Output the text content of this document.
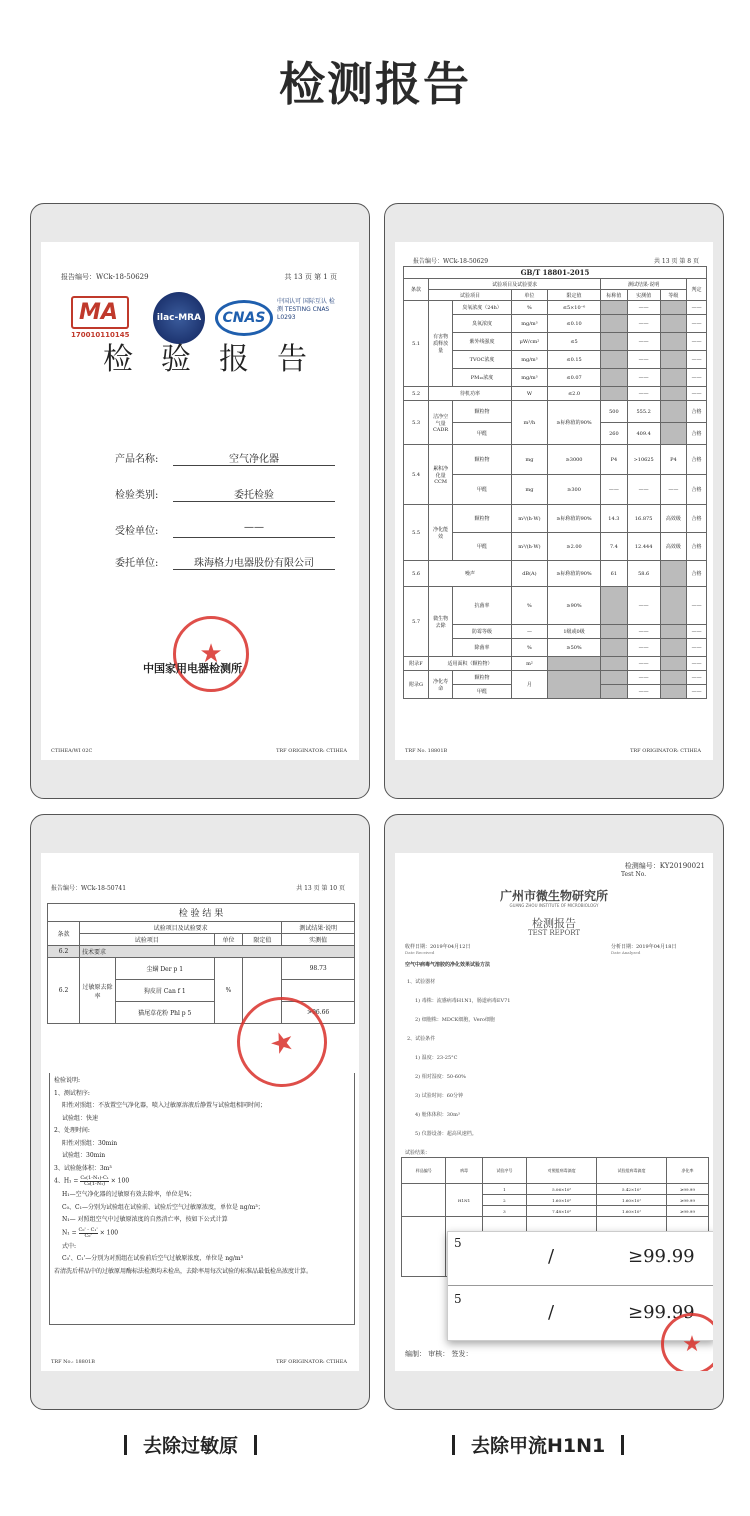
检测报告
报告编号：WCk-18-50629	共 13 页 第 1 页
MA
170010110145
ilac-MRA	CNAS
中国认可 国际互认 检测 TESTING CNAS L0293
检 验 报 告
产品名称:	空气净化器
检验类别:	委托检验
受检单位:	——
委托单位:	珠海格力电器股份有限公司
★
中国家用电器检测所
CTIHEA/WI 02C	TRF ORIGINATOR: CTIHEA
报告编号：WCk-18-50629	共 13 页 第 8 页
GB/T 18801-2015								
条款	试验项目及试验要求				测试结果·说明			判定
	试验项目		单位	限定值	标称值	实测值	等级	
5.1	有害物质释放量	臭氧浓度（24h）	%	≤5×10⁻⁶		——		——
		臭氧浓度	mg/m³	≤0.10		——		——
		紫外线强度	μW/cm²	≤5		——		——
		TVOC浓度	mg/m³	≤0.15		——		——
		PM₁₀浓度	mg/m³	≤0.07		——		——
5.2	待机功率		W	≤2.0		——		——
5.3	洁净空气量CADR	颗粒物	m³/h	≥标称值的90%	500	555.2		合格
		甲醛			260	409.4		合格
5.4	累积净化量CCM	颗粒物	mg	≥3000	P4	>10625	P4	合格
		甲醛	mg	≥300	——	——	——	合格
5.5	净化能效	颗粒物	m³/(h·W)	≥标称值的90%	14.3	16.875	高效级	合格
		甲醛	m³/(h·W)	≥2.00	7.4	12.444	高效级	合格
5.6	噪声		dB(A)	≥标称值的90%	61	58.6		合格
5.7	微生物去除	抗菌率	%	≥90%		——		——
		防霉等级	—	1级或0级		——		——
		除菌率	%	≥50%		——		——
附录F	适用面积（颗粒物）		m²			——		——
附录G	净化寿命	颗粒物	月			——		——
		甲醛				——		——
TRF No. 18801B	TRF ORIGINATOR: CTIHEA
报告编号：WCk-18-50741	共 13 页 第 10 页
检 验 结 果					
条款	试验项目及试验要求				测试结果·说明
	试验项目		单位	限定值	实测值
6.2	技术要求				
6.2	过敏原去除率	尘螨 Der p 1	%		98.73
		狗皮屑 Can f 1			
		猫尾草花粉 Phl p 5			>96.66
检验说明:
1、测试程序:
阳性对照组：不放置空气净化器，喷入过敏原溶液后静置与试验组相同时间；
试验组：快速
2、处理时间:
阳性对照组：30min
试验组：30min
3、试验舱体积：3m³
4、H₁ = C₀(1-N₁)-C₁
C₀(1-N₁) × 100
H₁—空气净化器的过敏原有效去除率，单位是%；
C₀、C₁—分别为试验组在试验前、试验后空气过敏原浓度，单位是 ng/m³；
N₁— 对照组空气中过敏原浓度的自然消亡率，按如下公式计算
N₁ = C₀' - C₁'
C₀' × 100
式中:
C₀'、C₁'—分别为对照组在试验前后空气过敏原浓度，单位是 ng/m³
若清洗后样品中的过敏原用酶标法检测均未检出，去除率用每次试验的标准品最低检出浓度计算。
★
TRF No.: 18801B	TRF ORIGINATOR: CTIHEA
检测编号：KY20190021
Test No.
广州市微生物研究所
GUANG ZHOU INSTITUTE OF MICROBIOLOGY
检测报告
TEST REPORT
收样日期：2019年04月12日
Date Received
分析日期：2019年04月18日
Date Analyzed
空气中病毒气溶胶的净化效果试验方法
1、试验器材
1) 毒株：流感病毒H1N1，肠道病毒EV71
2) 细胞株：MDCK细胞，Vero细胞
2、试验条件
1) 温度：23-25°C
2) 相对湿度：50-60%
3) 试验时间：60分钟
4) 舱体体积：30m³
5) 仪器设备：超高风速档。
试验结果：
样品编号	病毒	试验序号	对照组病毒滴度	试验组病毒滴度	净化率
	H1N1	1	5.06×10⁵	5.42×10¹	≥99.99
		2	1.60×10⁵	1.60×10¹	≥99.99
		3	7.48×10⁵	1.60×10¹	≥99.99

5
/	≥99.99
5
/	≥99.99
编制： 审核： 签发：	★
去除过敏原	去除甲流H1N1
